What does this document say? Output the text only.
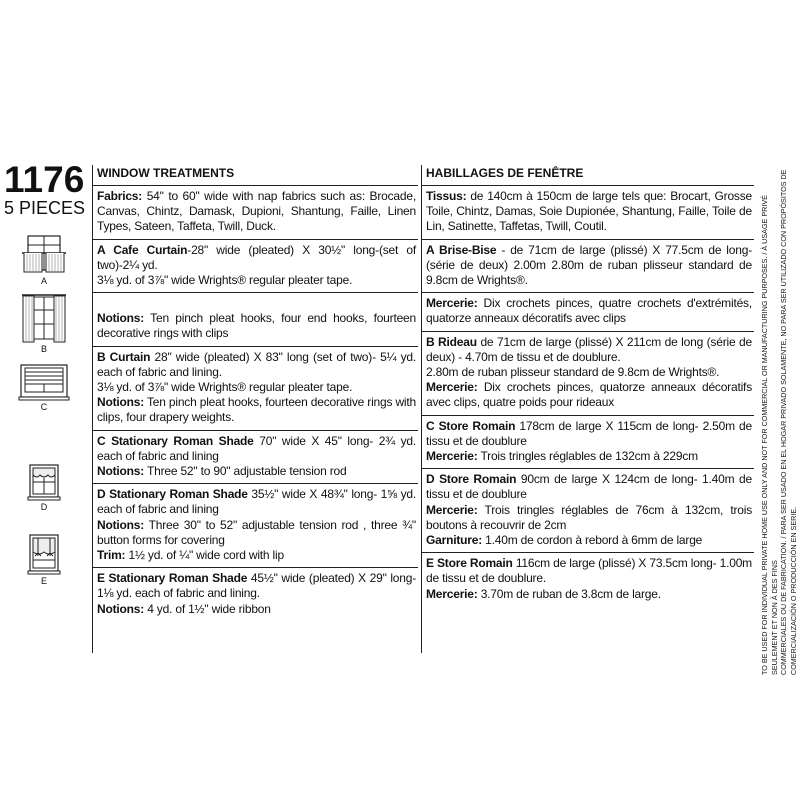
1176
5 PIECES
A
B
C
D
E
WINDOW TREATMENTS

Fabrics: 54" to 60" wide with nap fabrics such as: Brocade, Canvas, Chintz, Damask, Dupioni, Shantung, Faille, Linen Types, Sateen, Taffeta, Twill, Duck.

A Cafe Curtain-28" wide (pleated) X 30½" long-(set of two)-2¼ yd.

3⅛ yd. of 3⅞" wide Wrights® regular pleater tape.

Notions: Ten pinch pleat hooks, four end hooks, fourteen decorative rings with clips

B Curtain 28" wide (pleated) X 83" long (set of two)- 5¼ yd. each of fabric and lining.

3⅛ yd. of 3⅞" wide Wrights® regular pleater tape.

Notions: Ten pinch pleat hooks, fourteen decorative rings with clips, four drapery weights.

C Stationary Roman Shade 70" wide X 45" long- 2¾ yd. each of fabric and lining

Notions: Three 52" to 90" adjustable tension rod

D Stationary Roman Shade 35½" wide X 48¾" long- 1⅝ yd. each of fabric and lining

Notions: Three 30" to 52" adjustable tension rod , three ¾" button forms for covering

Trim: 1½ yd. of ¼" wide cord with lip

E Stationary Roman Shade 45½" wide (pleated) X 29" long- 1⅛ yd. each of fabric and lining.

Notions: 4 yd. of 1½" wide ribbon

HABILLAGES DE FENÊTRE

Tissus: de 140cm à 150cm de large tels que: Brocart, Grosse Toile, Chintz, Damas, Soie Dupionée, Shantung, Faille, Toile de Lin, Satinette, Taffetas, Twill, Coutil.

A Brise-Bise - de 71cm de large (plissé) X 77.5cm de long- (série de deux) 2.00m 2.80m de ruban plisseur standard de 9.8cm de Wrights®.

Mercerie: Dix crochets pinces, quatre crochets d'extrémités, quatorze anneaux décoratifs avec clips

B Rideau de 71cm de large (plissé) X 211cm de long (série de deux) - 4.70m de tissu et de doublure.

2.80m de ruban plisseur standard de 9.8cm de Wrights®.

Mercerie: Dix crochets pinces, quatorze anneaux décoratifs avec clips, quatre poids pour rideaux

C Store Romain 178cm de large X 115cm de long- 2.50m de tissu et de doublure

Mercerie: Trois tringles réglables de 132cm à 229cm

D Store Romain 90cm de large X 124cm de long- 1.40m de tissu et de doublure

Mercerie: Trois tringles réglables de 76cm à 132cm, trois boutons à recouvrir de 2cm

Garniture: 1.40m de cordon à rebord à 6mm de large

E Store Romain 116cm de large (plissé) X 73.5cm long- 1.00m de tissu et de doublure.

Mercerie: 3.70m de ruban de 3.8cm de large.	TO BE USED FOR INDIVIDUAL PRIVATE HOME USE ONLY AND NOT FOR COMMERCIAL OR MANUFACTURING PURPOSES. / À USAGE PRIVÉ SEULEMENT ET NON À DES FINS COMMERCIALES OU DE FABRICATION. / PARA SER USADO EN EL HOGAR PRIVADO SOLAMENTE, NO PARA SER UTILIZADO CON PROPÓSITOS DE COMERCIALIZACIÓN O PRODUCCIÓN EN SERIE.
